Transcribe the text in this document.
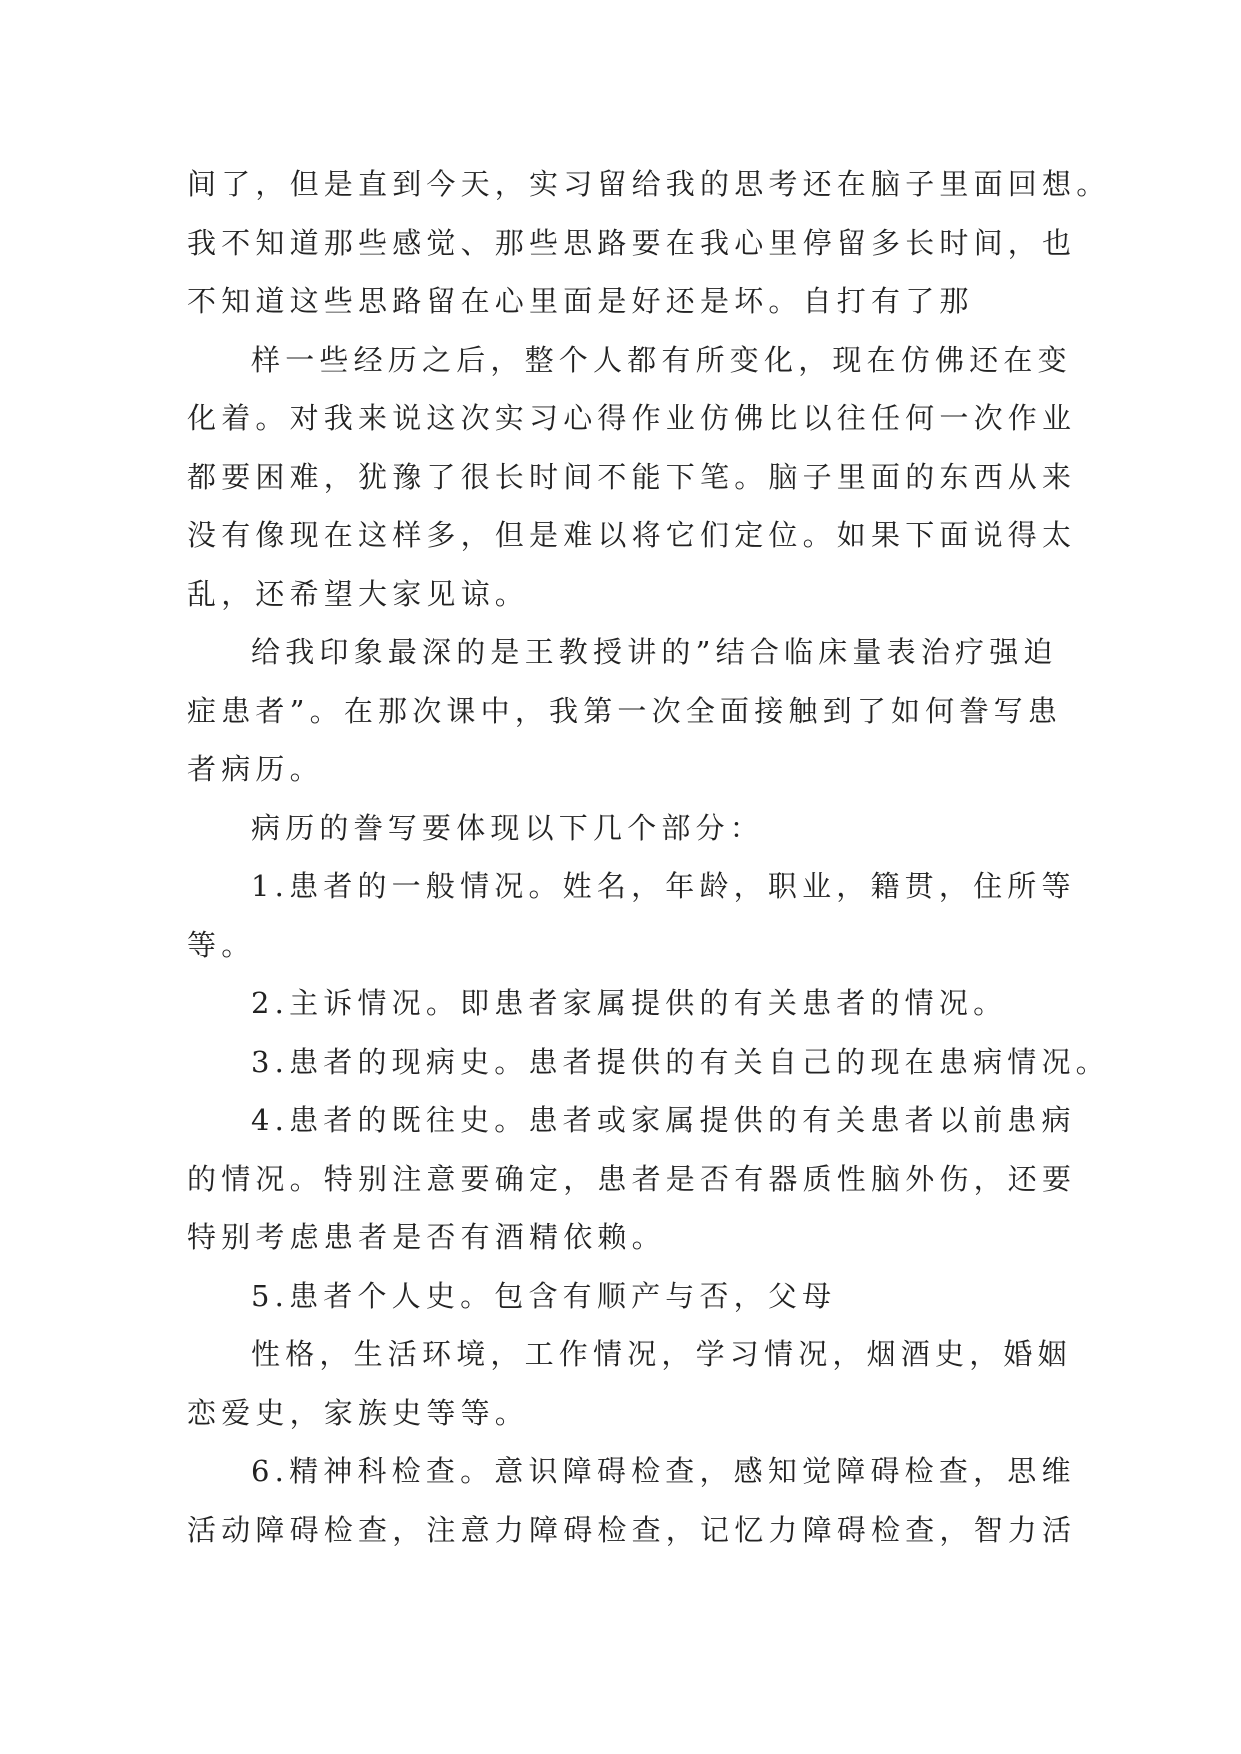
间了，但是直到今天，实习留给我的思考还在脑子里面回想。
我不知道那些感觉、那些思路要在我心里停留多长时间，也
不知道这些思路留在心里面是好还是坏。自打有了那
样一些经历之后，整个人都有所变化，现在仿佛还在变
化着。对我来说这次实习心得作业仿佛比以往任何一次作业
都要困难，犹豫了很长时间不能下笔。脑子里面的东西从来
没有像现在这样多，但是难以将它们定位。如果下面说得太
乱，还希望大家见谅。
给我印象最深的是王教授讲的”结合临床量表治疗强迫
症患者”。在那次课中，我第一次全面接触到了如何誊写患
者病历。
病历的誊写要体现以下几个部分：
1.患者的一般情况。姓名，年龄，职业，籍贯，住所等
等。
2.主诉情况。即患者家属提供的有关患者的情况。
3.患者的现病史。患者提供的有关自己的现在患病情况。
4.患者的既往史。患者或家属提供的有关患者以前患病
的情况。特别注意要确定，患者是否有器质性脑外伤，还要
特别考虑患者是否有酒精依赖。
5.患者个人史。包含有顺产与否，父母
性格，生活环境，工作情况，学习情况，烟酒史，婚姻
恋爱史，家族史等等。
6.精神科检查。意识障碍检查，感知觉障碍检查，思维
活动障碍检查，注意力障碍检查，记忆力障碍检查，智力活
